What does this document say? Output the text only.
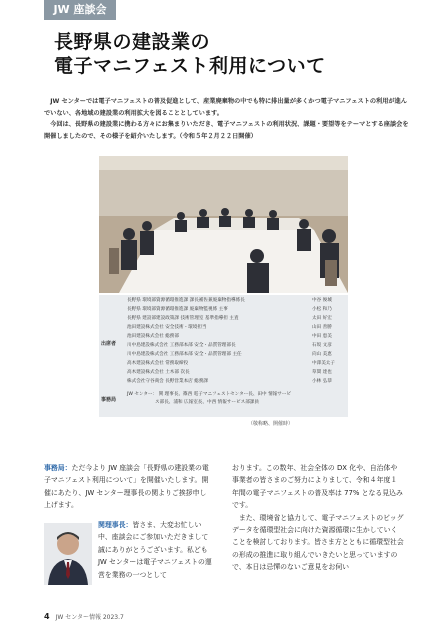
JW 座談会
長野県の建設業の
電子マニフェスト利用について

JW センターでは電子マニフェストの普及促進として、産業廃棄物の中でも特に排出量が多くかつ電子マニフェストの利用が進んでいない、各地域の建設業の利用拡大を図ることとしています。

今回は、長野県の建設業に携わる方々にお集まりいただき、電子マニフェストの利用状況、課題・要望等をテーマとする座談会を開催しましたので、その様子を紹介いたします。（令和５年２月２２日開催）

出席者
長野県 環境部資源循環推進課 課長補佐兼廃棄物指導係長	中谷 俊城
長野県 環境部資源循環推進課 廃棄物監視係 主事	小松 和乃
長野県 建設部建設政策課 技術管理室 基準指導担 主査	太田 好宏
池田建設株式会社 安全技術・環境担当	山田 善勝
池田建設株式会社 総務部	中田 恵美
川中島建設株式会社 工務部本部 安全・品質管理部長	石坂 文彦
川中島建設株式会社 工務部本部 安全・品質管理部 主任	向山 美恵
高木建設株式会社 常務取締役	中澤美太子
高木建設株式会社 土木部 次長	草間 達也
株式会社守谷商会 長野営業本店 総務課	小林 弘恭
事務局
JW センター： 関 理事長、篠西 電子マニフェストセンター長、田中 情報サービ
ス部長、浦和 広報室長、中西 情報サービス部課員
（敬称略、開催時）

事務局：ただ今より JW 座談会「長野県の建設業の電子マニフェスト利用について」を開催いたします。開催にあたり、JW センター理事長の関よりご挨拶申し上げます。

関理事長：皆さま、大変お忙しい中、座談会にご参加いただきまして誠にありがとうございます。私ども JW センターは電子マニフェストの運営を業務の一つとして

おります。この数年、社会全体の DX 化や、自治体や事業者の皆さまのご努力によりまして、令和４年度１年間の電子マニフェストの普及率は 77% となる見込みです。

また、環境省と協力して、電子マニフェストのビッグデータを循環型社会に向けた資源循環に生かしていくことを検討しております。皆さま方とともに循環型社会の形成の推進に取り組んでいきたいと思っていますので、本日は忌憚のないご意見をお伺い

4 JW センター情報 2023.7
